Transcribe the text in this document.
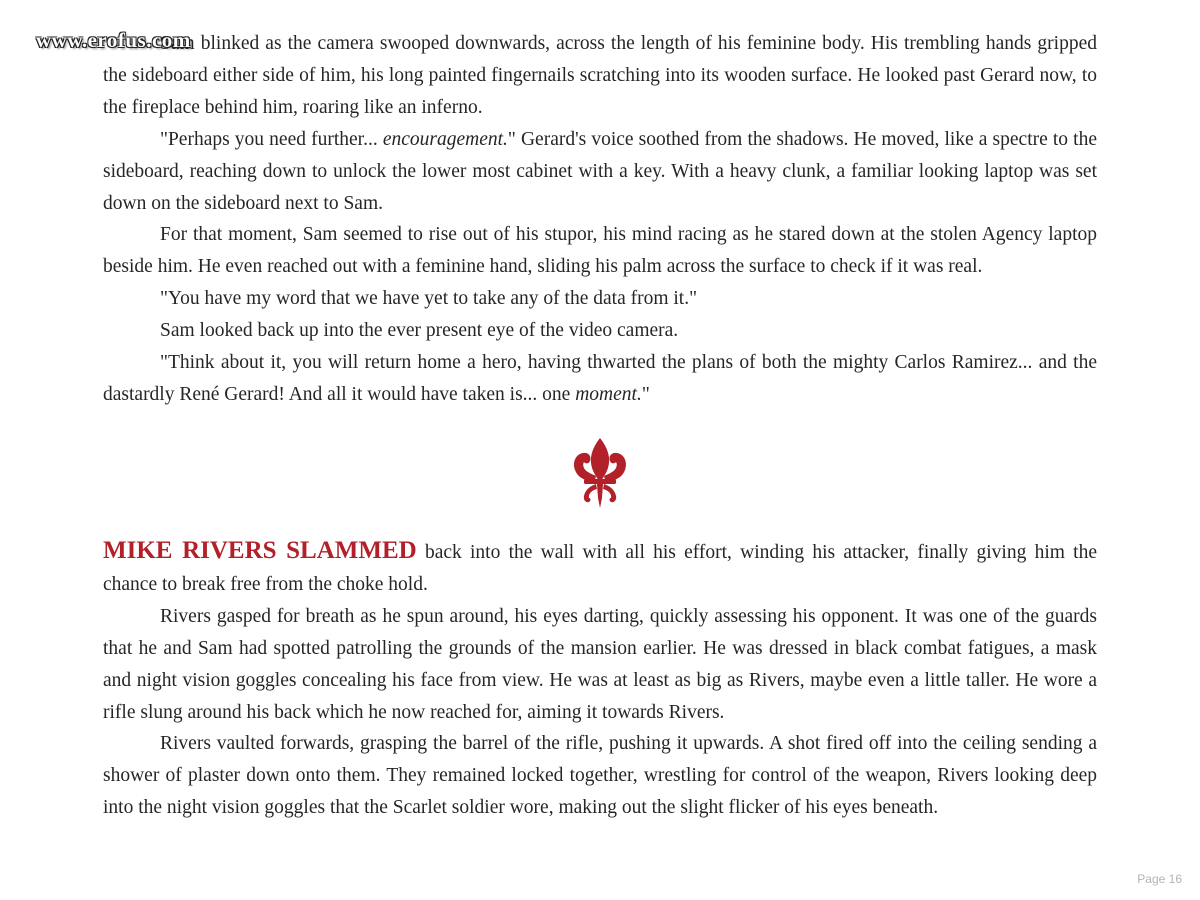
www.erofus.com

Sam blinked as the camera swooped downwards, across the length of his feminine body. His trembling hands gripped the sideboard either side of him, his long painted fingernails scratching into its wooden surface. He looked past Gerard now, to the fireplace behind him, roaring like an inferno.

"Perhaps you need further... encouragement." Gerard's voice soothed from the shadows. He moved, like a spectre to the sideboard, reaching down to unlock the lower most cabinet with a key. With a heavy clunk, a familiar looking laptop was set down on the sideboard next to Sam.

For that moment, Sam seemed to rise out of his stupor, his mind racing as he stared down at the stolen Agency laptop beside him. He even reached out with a feminine hand, sliding his palm across the surface to check if it was real.

"You have my word that we have yet to take any of the data from it."

Sam looked back up into the ever present eye of the video camera.

"Think about it, you will return home a hero, having thwarted the plans of both the mighty Carlos Ramirez... and the dastardly René Gerard! And all it would have taken is... one moment."

MIKE RIVERS SLAMMED back into the wall with all his effort, winding his attacker, finally giving him the chance to break free from the choke hold.

Rivers gasped for breath as he spun around, his eyes darting, quickly assessing his opponent. It was one of the guards that he and Sam had spotted patrolling the grounds of the mansion earlier. He was dressed in black combat fatigues, a mask and night vision goggles concealing his face from view. He was at least as big as Rivers, maybe even a little taller. He wore a rifle slung around his back which he now reached for, aiming it towards Rivers.

Rivers vaulted forwards, grasping the barrel of the rifle, pushing it upwards. A shot fired off into the ceiling sending a shower of plaster down onto them. They remained locked together, wrestling for control of the weapon, Rivers looking deep into the night vision goggles that the Scarlet soldier wore, making out the slight flicker of his eyes beneath.

Page 16
